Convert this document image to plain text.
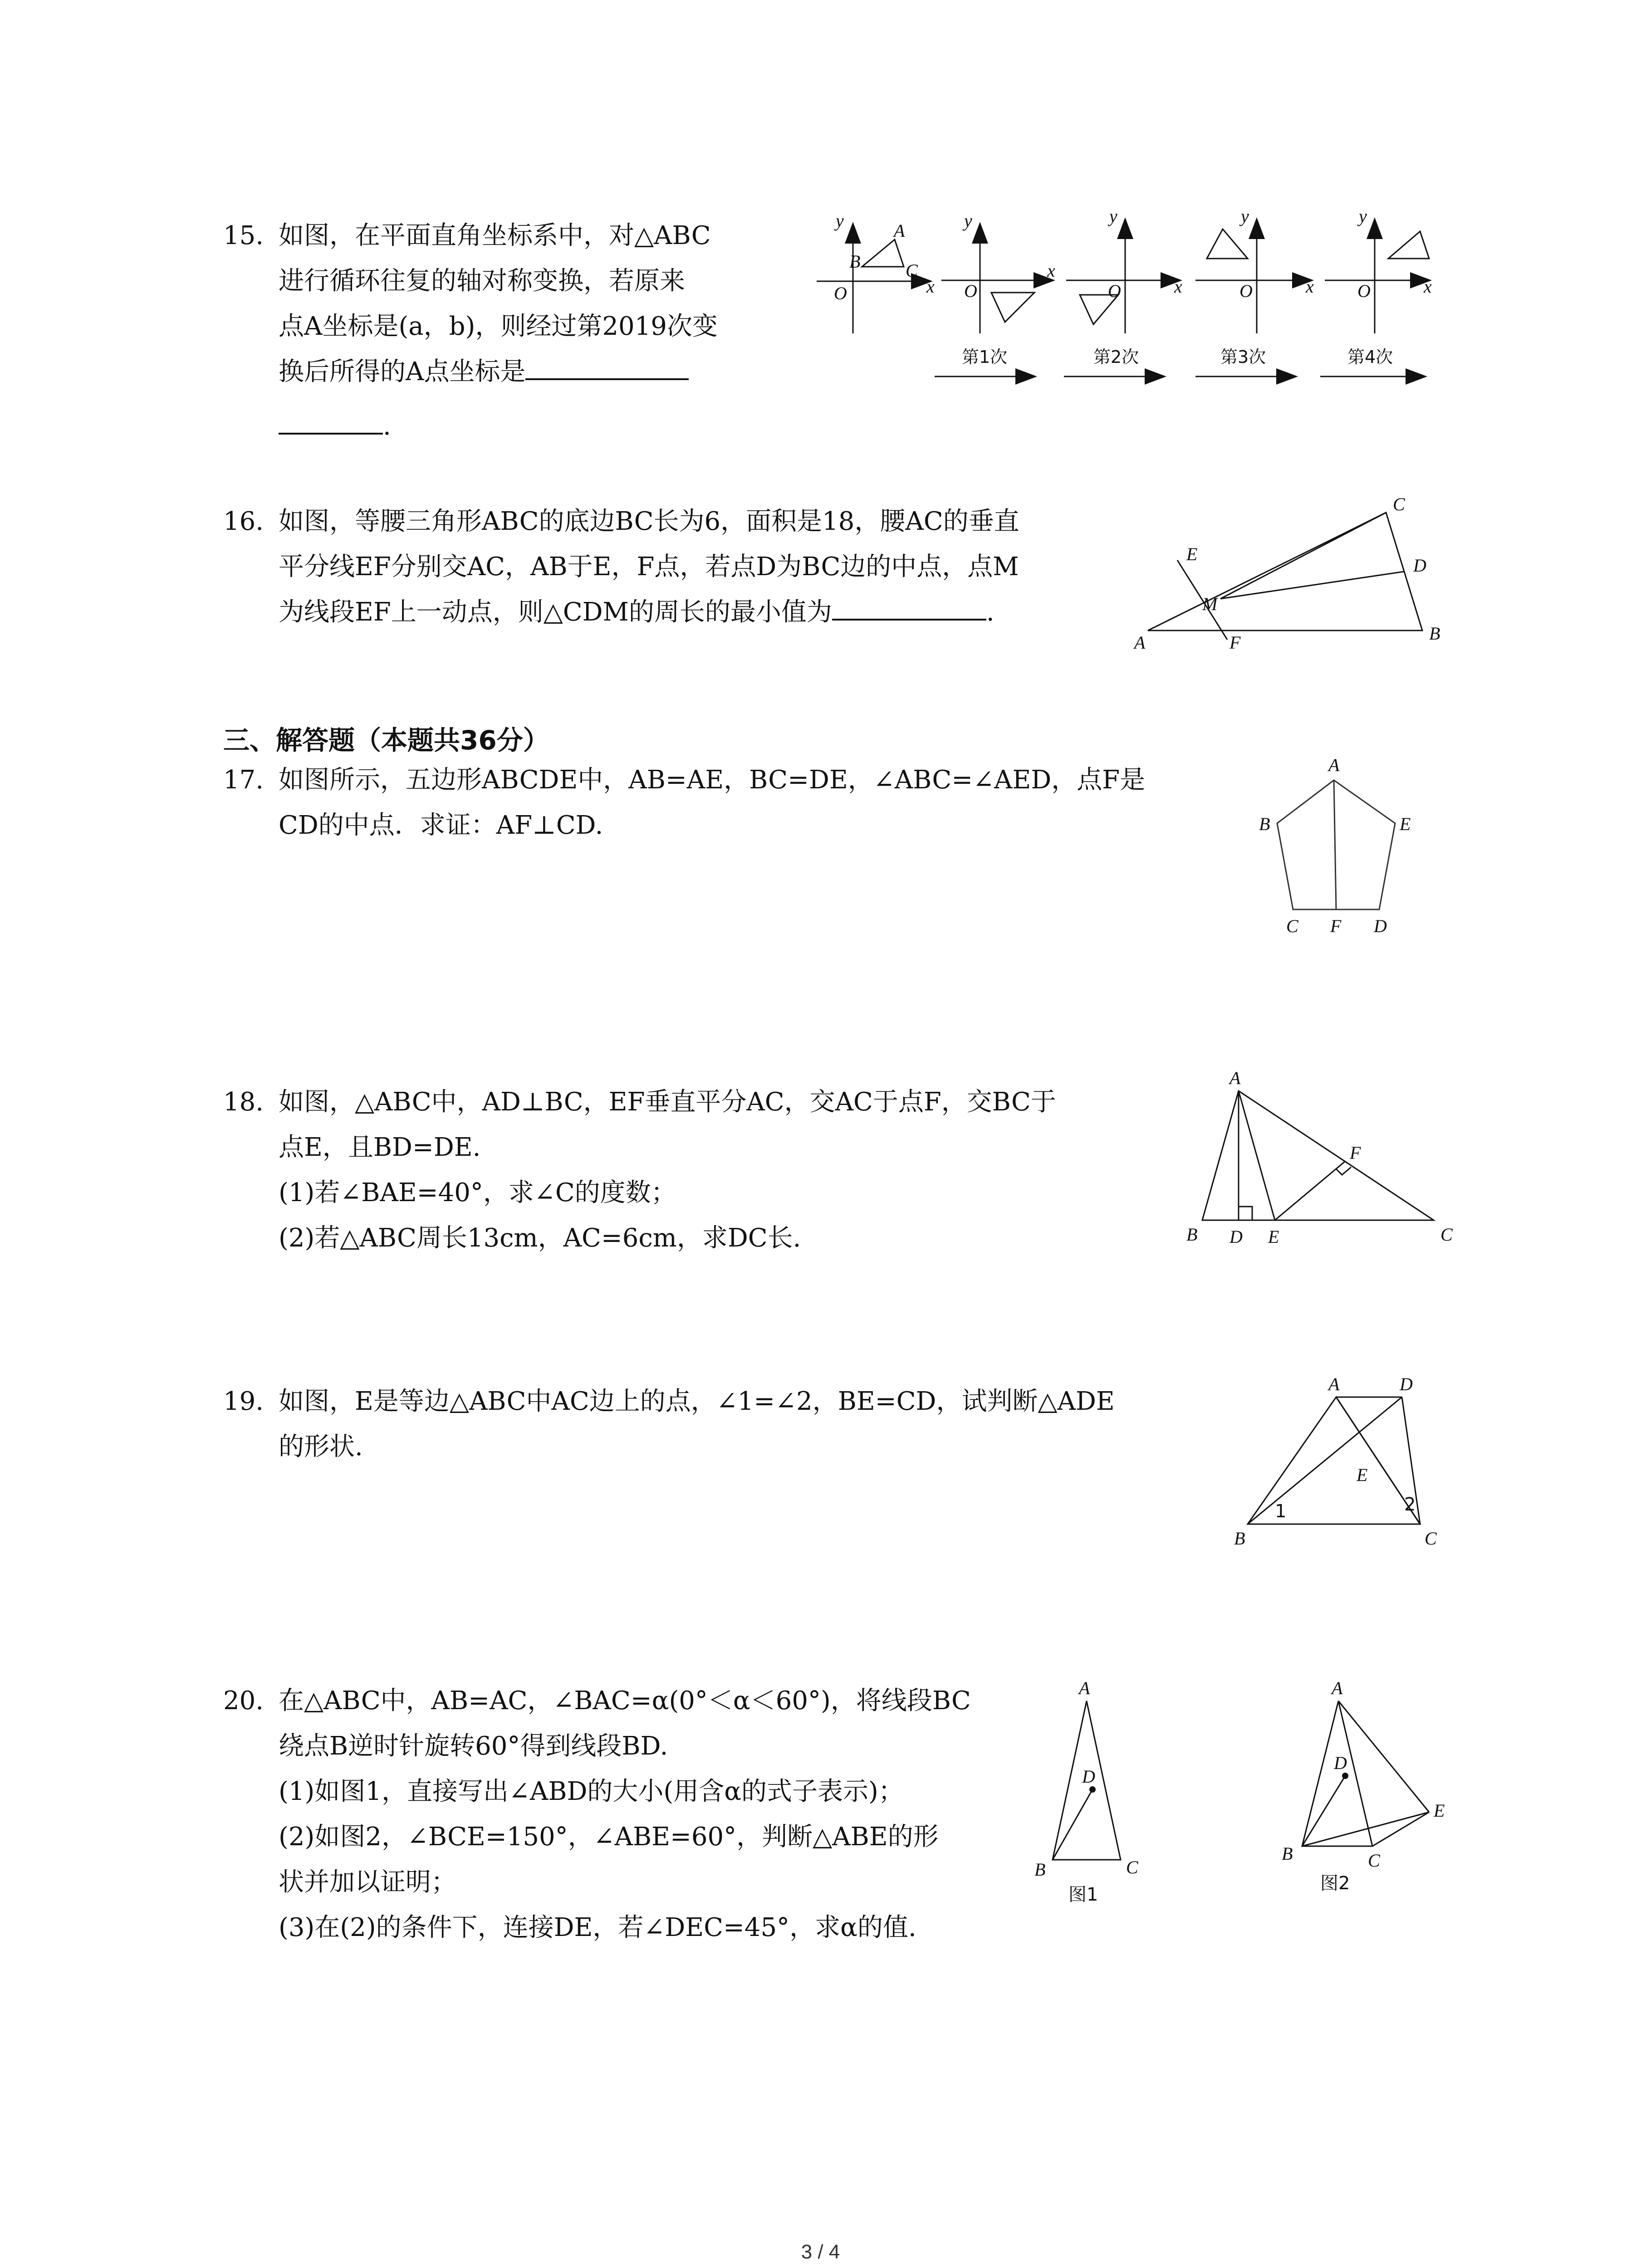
15. 如图，在平面直角坐标系中，对△ABC
进行循环往复的轴对称变换，若原来
点A坐标是(a，b)，则经过第2019次变
换后所得的A点坐标是
.
y
x
O
A
B C
y
x
O
y
x
O
y
x
O
y
x
O
第1次	第2次	第3次	第4次
16. 如图，等腰三角形ABC的底边BC长为6，面积是18，腰AC的垂直
平分线EF分别交AC，AB于E，F点，若点D为BC边的中点，点M
为线段EF上一动点，则△CDM的周长的最小值为	.
A	B
C
D
E
F
M
三、解答题（本题共36分）
17. 如图所示，五边形ABCDE中，AB=AE，BC=DE，∠ABC=∠AED，点F是
CD的中点．求证：AF⊥CD.
A
B
C	D
E
F
18. 如图，△ABC中，AD⊥BC，EF垂直平分AC，交AC于点F，交BC于
点E，且BD=DE.
(1)若∠BAE=40°，求∠C的度数；
(2)若△ABC周长13cm，AC=6cm，求DC长.
A
B D E	C
F
19. 如图，E是等边△ABC中AC边上的点，∠1=∠2，BE=CD，试判断△ADE
的形状.
A	D
E
B	C
1	2
20. 在△ABC中，AB=AC，∠BAC=α(0°＜α＜60°)，将线段BC
绕点B逆时针旋转60°得到线段BD.
(1)如图1，直接写出∠ABD的大小(用含α的式子表示)；
(2)如图2，∠BCE=150°，∠ABE=60°，判断△ABE的形
状并加以证明；
(3)在(2)的条件下，连接DE，若∠DEC=45°，求α的值.
A
B	C
D
图1
A
B	C
D
E
图2
3 / 4
